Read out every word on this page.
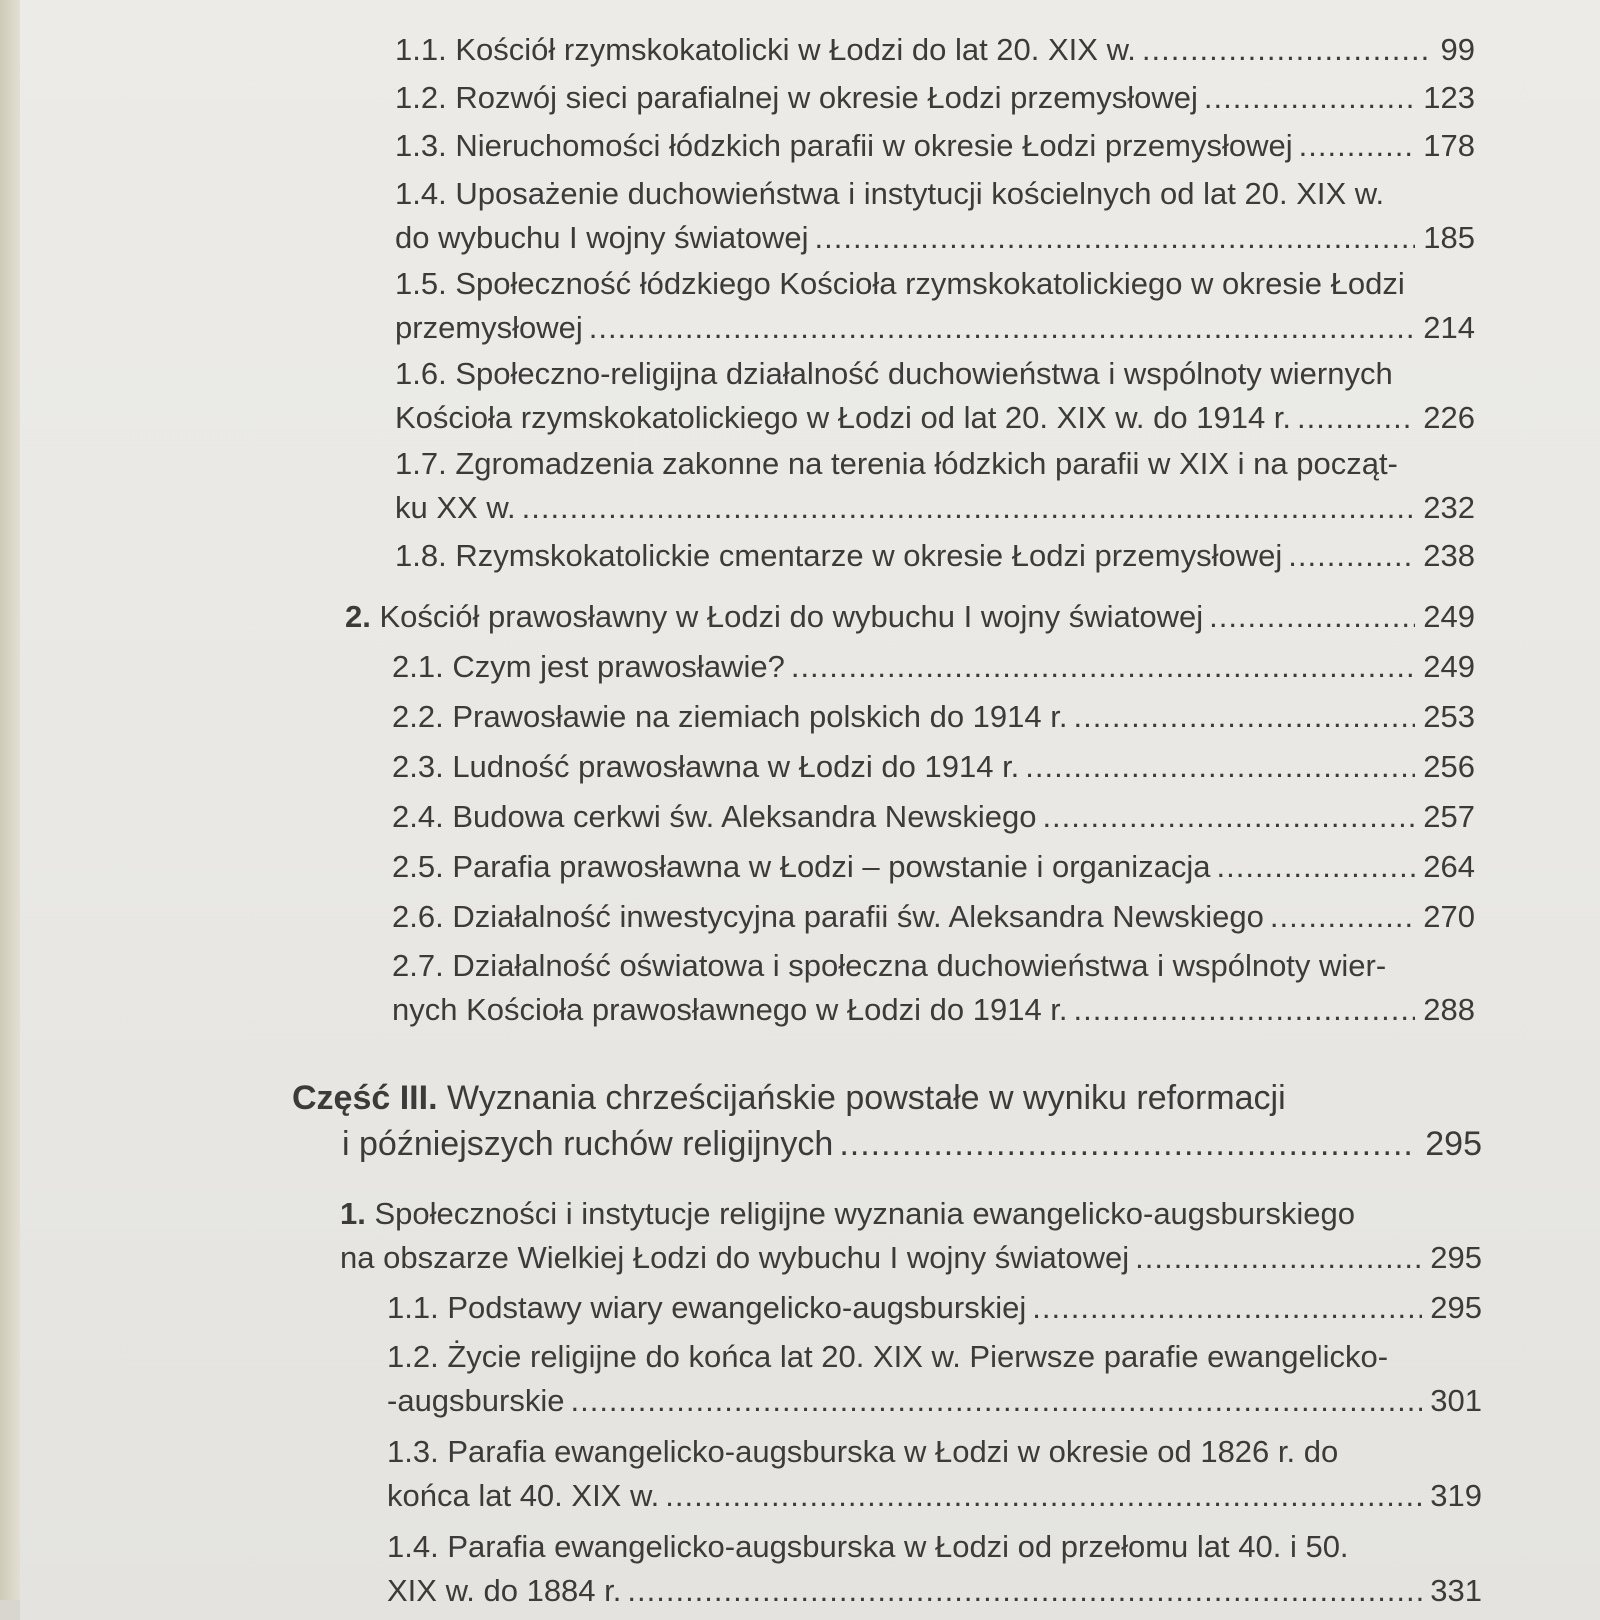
1.1. Kościół rzymskokatolicki w Łodzi do lat 20. XIX w. .....	99
1.2. Rozwój sieci parafialnej w okresie Łodzi przemysłowej .....	123
1.3. Nieruchomości łódzkich parafii w okresie Łodzi przemysłowej .....	178
1.4. Uposażenie duchowieństwa i instytucji kościelnych od lat 20. XIX w.
do wybuchu I wojny światowej .....	185
1.5. Społeczność łódzkiego Kościoła rzymskokatolickiego w okresie Łodzi
przemysłowej .....	214
1.6. Społeczno-religijna działalność duchowieństwa i wspólnoty wiernych
Kościoła rzymskokatolickiego w Łodzi od lat 20. XIX w. do 1914 r. .....	226
1.7. Zgromadzenia zakonne na terenia łódzkich parafii w XIX i na począt-
ku XX w. .....	232
1.8. Rzymskokatolickie cmentarze w okresie Łodzi przemysłowej .....	238
2. Kościół prawosławny w Łodzi do wybuchu I wojny światowej .....	249
2.1. Czym jest prawosławie? .....	249
2.2. Prawosławie na ziemiach polskich do 1914 r. .....	253
2.3. Ludność prawosławna w Łodzi do 1914 r. .....	256
2.4. Budowa cerkwi św. Aleksandra Newskiego .....	257
2.5. Parafia prawosławna w Łodzi – powstanie i organizacja .....	264
2.6. Działalność inwestycyjna parafii św. Aleksandra Newskiego .....	270
2.7. Działalność oświatowa i społeczna duchowieństwa i wspólnoty wier-
nych Kościoła prawosławnego w Łodzi do 1914 r. .....	288
Część III. Wyznania chrześcijańskie powstałe w wyniku reformacji
i późniejszych ruchów religijnych .....	295
1. Społeczności i instytucje religijne wyznania ewangelicko-augsburskiego
na obszarze Wielkiej Łodzi do wybuchu I wojny światowej .....	295
1.1. Podstawy wiary ewangelicko-augsburskiej .....	295
1.2. Życie religijne do końca lat 20. XIX w. Pierwsze parafie ewangelicko-
-augsburskie .....	301
1.3. Parafia ewangelicko-augsburska w Łodzi w okresie od 1826 r. do
końca lat 40. XIX w. .....	319
1.4. Parafia ewangelicko-augsburska w Łodzi od przełomu lat 40. i 50.
XIX w. do 1884 r. .....	331
